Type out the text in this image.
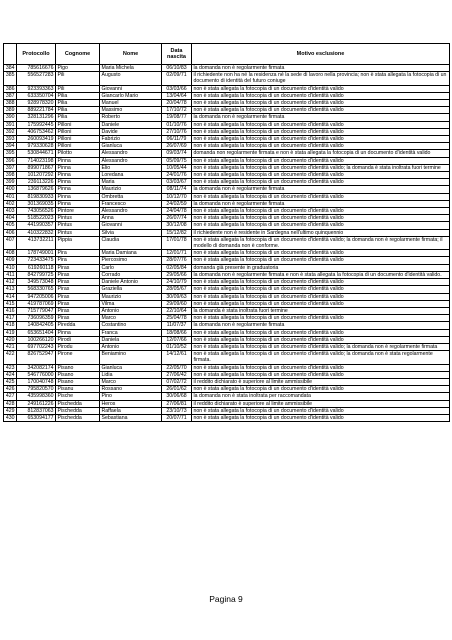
	Protocollo	Cognome	Nome	Data nascita	Motivo esclusione
384	785616676	Pigo	Maria Michela	06/10/83	la domanda non è regolarmente firmata
385	556527283	Pili	Augusto	02/09/71	il richiedente non ha né la residenza né la sede di lavoro nella provincia; non è stata allegata la fotocopia di un documento di identità del futuro coniuge
386	923393363	Pili	Giovanni	03/03/66	non è stata allegata la fotocopia di un documento d'identità valido
387	633350704	Pilia	Giancarlo Mario	13/04/64	non è stata allegata la fotocopia di un documento d'identità valido
388	928978320	Pilia	Manuel	20/04/78	non è stata allegata la fotocopia di un documento d'identità valido
389	889221784	Pilia	Massimo	17/10/72	non è stata allegata la fotocopia di un documento d'identità valido
390	328131296	Pilia	Roberto	19/08/77	la domanda non è regolarmente firmata
391	175992445	Pilloni	Daniele	01/10/76	non è stata allegata la fotocopia di un documento d'identità valido
392	406753462	Pilloni	Davide	27/10/76	non è stata allegata la fotocopia di un documento d'identità valido
393	260093419	Pilloni	Fabrizio	06/11/79	non è stata allegata la fotocopia di un documento d'identità valido
394	979330628	Pilloni	Gianluca	26/07/69	non è stata allegata la fotocopia di un documento d'identità valido
395	530844671	Pilotto	Alessandro	09/03/74	domanda non regolarmente firmata e non è stata allegata la fotocopia di un documento d'identità valido
396	714023198	Pinna	Alessandro	05/09/75	non è stata allegata la fotocopia di un documento d'identità valido
397	899071867	Pinna	Elio	10/05/44	non è stata allegata la fotocopia di un documento d'identità valido; la domanda è stata inoltrata fuori termine
398	101207292	Pinna	Loredana	24/01/76	non è stata allegata la fotocopia di un documento d'identità valido
399	239113226	Pinna	Maria	03/03/67	non è stata allegata la fotocopia di un documento d'identità valido
400	136879626	Pinna	Maurizio	08/11/74	la domanda non è regolarmente firmata
401	819830933	Pinna	Ombretta	10/12/70	non è stata allegata la fotocopia di un documento d'identità valido
402	301369035	Pinna	Francesco	24/02/59	la domanda non è regolarmente firmata
403	743056526	Pintore	Alessandro	24/04/78	non è stata allegata la fotocopia di un documento d'identità valido
404	518522023	Pintus	Anna	26/07/74	non è stata allegata la fotocopia di un documento d'identità valido
405	441990357	Pintus	Giovanni	30/12/08	non è stata allegata la fotocopia di un documento d'identità valido
406	410322832	Pintus	Silvia	15/12/82	il richiedente non è residente in Sardegna nell'ultimo quinquennio
407	413732211	Pippia	Claudia	17/01/78	non è stata allegata la fotocopia di un documento d'identità valido; la domanda non è regolarmente firmata; il modello di domanda non è conforme.
408	178749001	Pira	Maria Damiana	12/01/71	non è stata allegata la fotocopia di un documento d'identità valido
409	723433475	Pira	Piercosimo	28/07/76	non è stata allegata la fotocopia di un documento d'identità valido
410	619260118	Piras	Carlo	02/05/84	domanda già presente in graduatoria
411	842799725	Piras	Corrado	29/05/66	la domanda non è regolarmente firmata e non è stata allegata la fotocopia di un documento d'identità valido.
412	349573048	Piras	Daniele Antonio	24/10/79	non è stata allegata la fotocopia di un documento d'identità valido
413	568330765	Piras	Graziella	28/05/67	non è stata allegata la fotocopia di un documento d'identità valido
414	947205006	Piras	Maurizio	30/09/63	non è stata allegata la fotocopia di un documento d'identità valido
415	419787069	Piras	Vilma	29/09/60	non è stata allegata la fotocopia di un documento d'identità valido
416	715779047	Piras	Antonio	22/10/64	la domanda è stata inoltrata fuori termine
417	736096359	Piras	Marco	25/04/78	non è stata allegata la fotocopia di un documento d'identità valido
418	140842405	Piredda	Costantino	11/07/37	la domanda non è regolarmente firmata
419	653651404	Pinna	Franca	18/08/66	non è stata allegata la fotocopia di un documento d'identità valido
420	100266120	Pirodi	Daniela	12/07/66	non è stata allegata la fotocopia di un documento d'identità valido
421	697702243	Pirodu	Antonio	01/10/52	non è stata allegata la fotocopia di un documento d'identità valido; la domanda non è regolarmente firmata
422	826752947	Pirone	Beniamino	14/12/61	non è stata allegata la fotocopia di un documento d'identità valido; la domanda non è stata regolarmente firmata.
423	342082174	Pisano	Gianluca	22/05/70	non è stata allegata la fotocopia di un documento d'identità valido
424	546776000	Pisano	Lidia	27/06/42	non è stata allegata la fotocopia di un documento d'identità valido
425	170040748	Pisano	Marco	07/02/72	il reddito dichiarato è superiore al limite ammissibile
426	795820570	Pisanu	Rossano	26/01/62	non è stata allegata la fotocopia di un documento d'identità valido
427	435998360	Pische	Pino	30/06/68	la domanda non è stata inoltrata per raccomandata
428	249161226	Pischedda	Heros	27/06/81	il reddito dichiarato è superiore al limite ammissibile
429	812837063	Pischedda	Raffaela	23/10/73	non è stata allegata la fotocopia di un documento d'identità valido
430	653094177	Pischedda	Sebastiana	20/07/71	non è stata allegata la fotocopia di un documento d'identità valido
Pagina 9
